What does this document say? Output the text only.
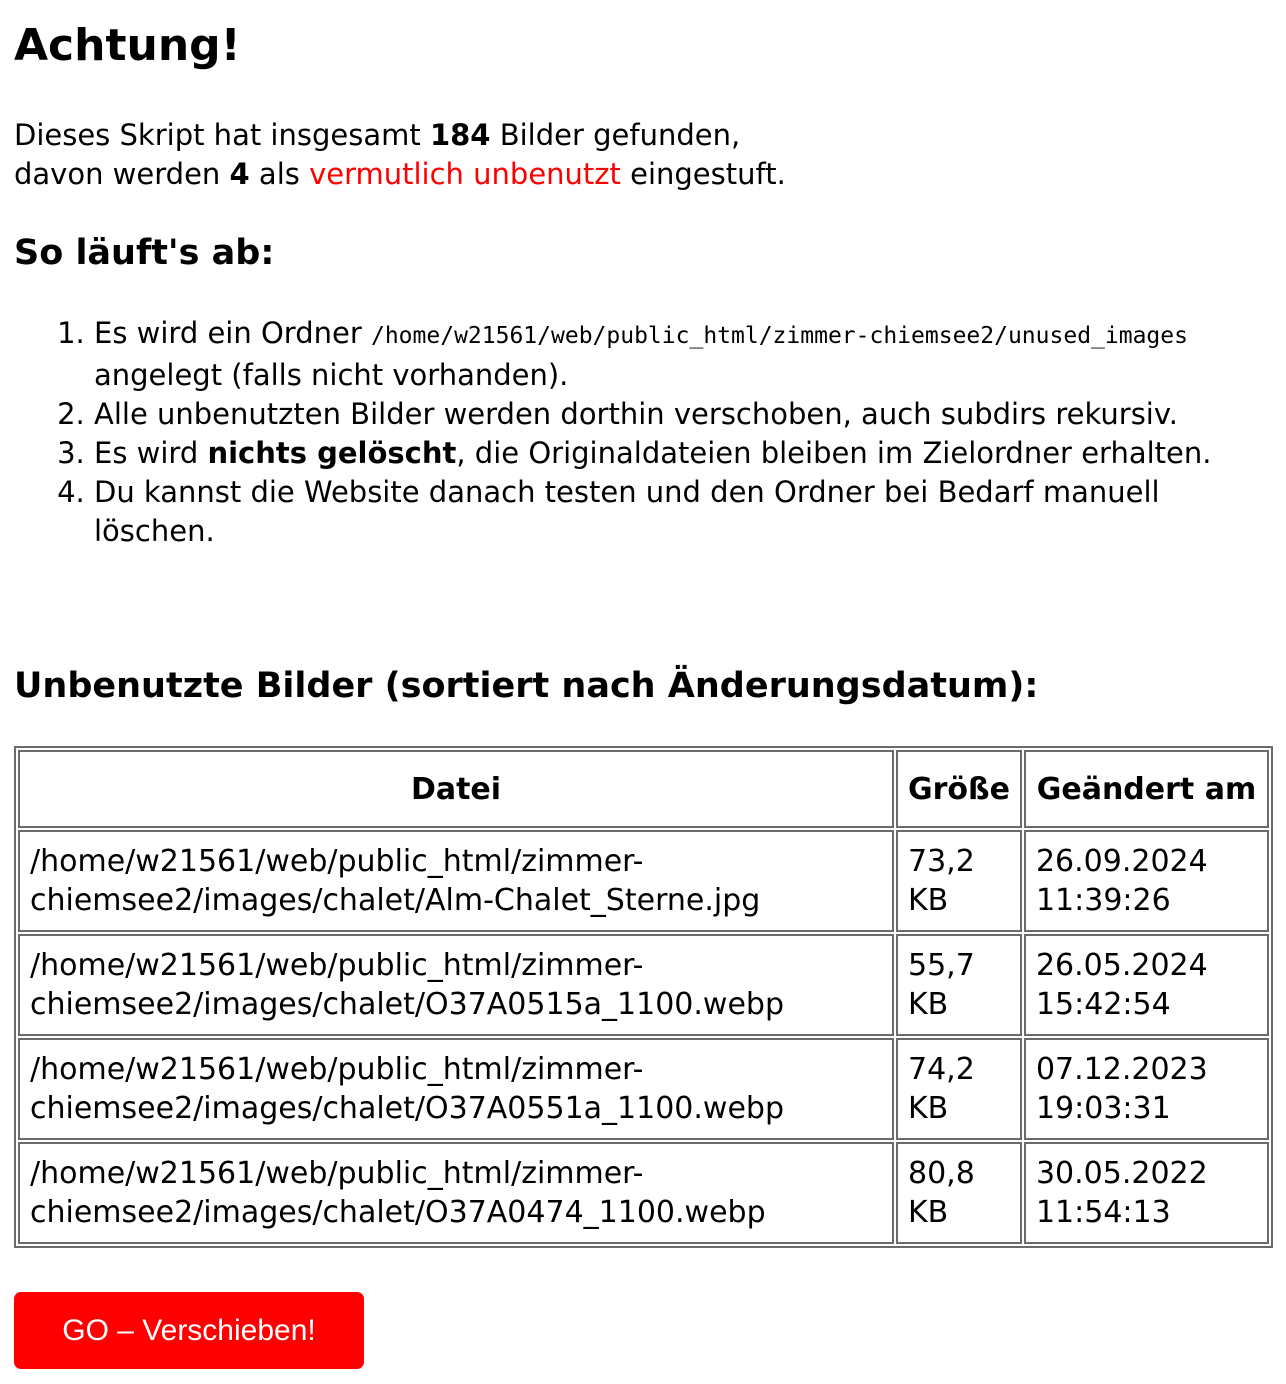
Achtung!

Dieses Skript hat insgesamt 184 Bilder gefunden,
davon werden 4 als vermutlich unbenutzt eingestuft.

So läuft's ab:
1. Es wird ein Ordner /home/w21561/web/public_html/zimmer-chiemsee2/unused_images angelegt (falls nicht vorhanden).
2. Alle unbenutzten Bilder werden dorthin verschoben, auch subdirs rekursiv.
3. Es wird nichts gelöscht, die Originaldateien bleiben im Zielordner erhalten.
4. Du kannst die Website danach testen und den Ordner bei Bedarf manuell löschen.
Unbenutzte Bilder (sortiert nach Änderungsdatum):
Datei	Größe	Geändert am
/home/w21561/web/public_html/zimmer-chiemsee2/images/chalet/Alm-Chalet_Sterne.jpg	73,2 KB	26.09.2024 11:39:26
/home/w21561/web/public_html/zimmer-chiemsee2/images/chalet/O37A0515a_1100.webp	55,7 KB	26.05.2024 15:42:54
/home/w21561/web/public_html/zimmer-chiemsee2/images/chalet/O37A0551a_1100.webp	74,2 KB	07.12.2023 19:03:31
/home/w21561/web/public_html/zimmer-chiemsee2/images/chalet/O37A0474_1100.webp	80,8 KB	30.05.2022 11:54:13
GO – Verschieben!
